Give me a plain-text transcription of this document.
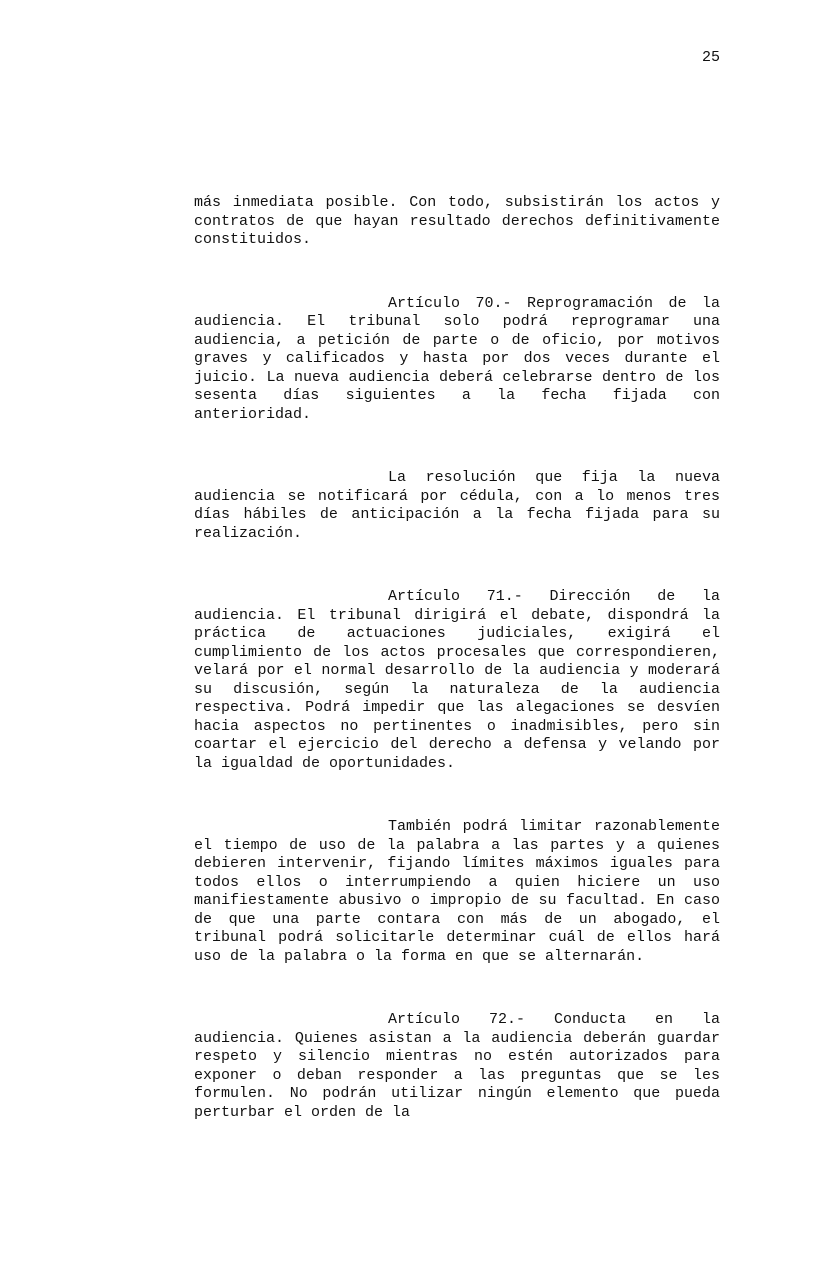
25

más inmediata posible. Con todo, subsistirán los actos y contratos de que hayan resultado derechos definitivamente constituidos.

Artículo 70.- Reprogramación de la audiencia. El tribunal solo podrá reprogramar una audiencia, a petición de parte o de oficio, por motivos graves y calificados y hasta por dos veces durante el juicio. La nueva audiencia deberá celebrarse dentro de los sesenta días siguientes a la fecha fijada con anterioridad.

La resolución que fija la nueva audiencia se notificará por cédula, con a lo menos tres días hábiles de anticipación a la fecha fijada para su realización.

Artículo 71.- Dirección de la audiencia. El tribunal dirigirá el debate, dispondrá la práctica de actuaciones judiciales, exigirá el cumplimiento de los actos procesales que correspondieren, velará por el normal desarrollo de la audiencia y moderará su discusión, según la naturaleza de la audiencia respectiva. Podrá impedir que las alegaciones se desvíen hacia aspectos no pertinentes o inadmisibles, pero sin coartar el ejercicio del derecho a defensa y velando por la igualdad de oportunidades.

También podrá limitar razonablemente el tiempo de uso de la palabra a las partes y a quienes debieren intervenir, fijando límites máximos iguales para todos ellos o interrumpiendo a quien hiciere un uso manifiestamente abusivo o impropio de su facultad. En caso de que una parte contara con más de un abogado, el tribunal podrá solicitarle determinar cuál de ellos hará uso de la palabra o la forma en que se alternarán.

Artículo 72.- Conducta en la audiencia. Quienes asistan a la audiencia deberán guardar respeto y silencio mientras no estén autorizados para exponer o deban responder a las preguntas que se les formulen. No podrán utilizar ningún elemento que pueda perturbar el orden de la
